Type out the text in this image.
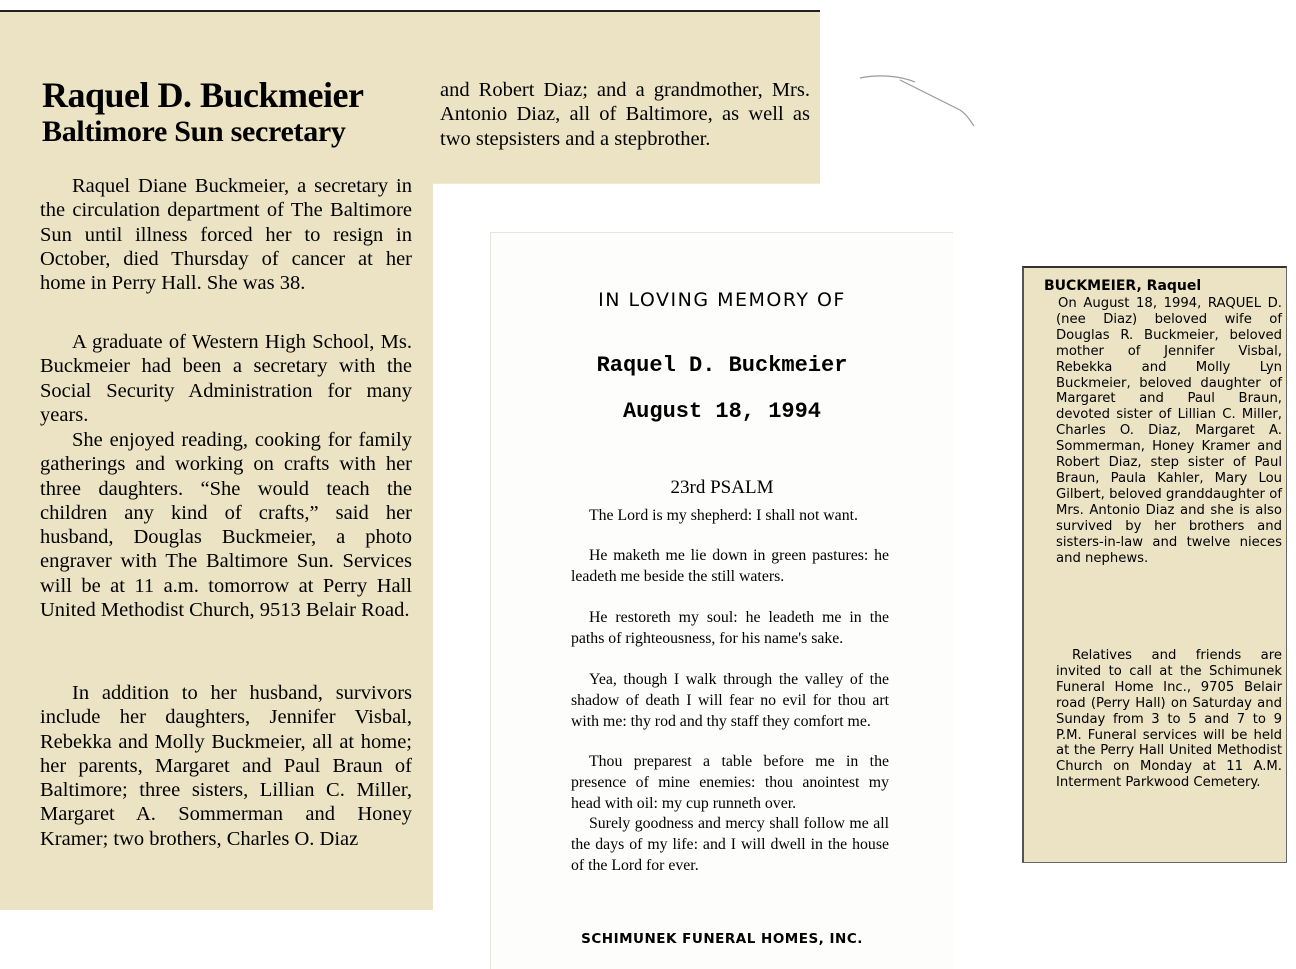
Raquel D. Buckmeier
Baltimore Sun secretary

Raquel Diane Buckmeier, a secretary in the circulation department of The Baltimore Sun until illness forced her to resign in October, died Thursday of cancer at her home in Perry Hall. She was 38.

A graduate of Western High School, Ms. Buckmeier had been a secretary with the Social Security Administration for many years.

She enjoyed reading, cooking for family gatherings and working on crafts with her three daughters. “She would teach the children any kind of crafts,” said her husband, Douglas Buckmeier, a photo engraver with The Baltimore Sun. Services will be at 11 a.m. tomorrow at Perry Hall United Methodist Church, 9513 Belair Road.

In addition to her husband, survivors include her daughters, Jennifer Visbal, Rebekka and Molly Buckmeier, all at home; her parents, Margaret and Paul Braun of Baltimore; three sisters, Lillian C. Miller, Margaret A. Sommerman and Honey Kramer; two brothers, Charles O. Diaz

and Robert Diaz; and a grandmother, Mrs. Antonio Diaz, all of Baltimore, as well as two stepsisters and a stepbrother.

IN LOVING MEMORY OF

Raquel D. Buckmeier

August 18, 1994

23rd PSALM

The Lord is my shepherd: I shall not want.

He maketh me lie down in green pastures: he leadeth me beside the still waters.

He restoreth my soul: he leadeth me in the paths of righteousness, for his name's sake.

Yea, though I walk through the valley of the shadow of death I will fear no evil for thou art with me: thy rod and thy staff they comfort me.

Thou preparest a table before me in the presence of mine enemies: thou anointest my head with oil: my cup runneth over.

Surely goodness and mercy shall follow me all the days of my life: and I will dwell in the house of the Lord for ever.

SCHIMUNEK FUNERAL HOMES, INC.

BUCKMEIER, Raquel

On August 18, 1994, RAQUEL D. (nee Diaz) beloved wife of Douglas R. Buckmeier, beloved mother of Jennifer Visbal, Rebekka and Molly Lyn Buckmeier, beloved daughter of Margaret and Paul Braun, devoted sister of Lillian C. Miller, Charles O. Diaz, Margaret A. Sommerman, Honey Kramer and Robert Diaz, step sister of Paul Braun, Paula Kahler, Mary Lou Gilbert, beloved granddaughter of Mrs. Antonio Diaz and she is also survived by her brothers and sisters-in-law and twelve nieces and nephews.

Relatives and friends are invited to call at the Schimunek Funeral Home Inc., 9705 Belair road (Perry Hall) on Saturday and Sunday from 3 to 5 and 7 to 9 P.M. Funeral services will be held at the Perry Hall United Methodist Church on Monday at 11 A.M. Interment Parkwood Cemetery.
